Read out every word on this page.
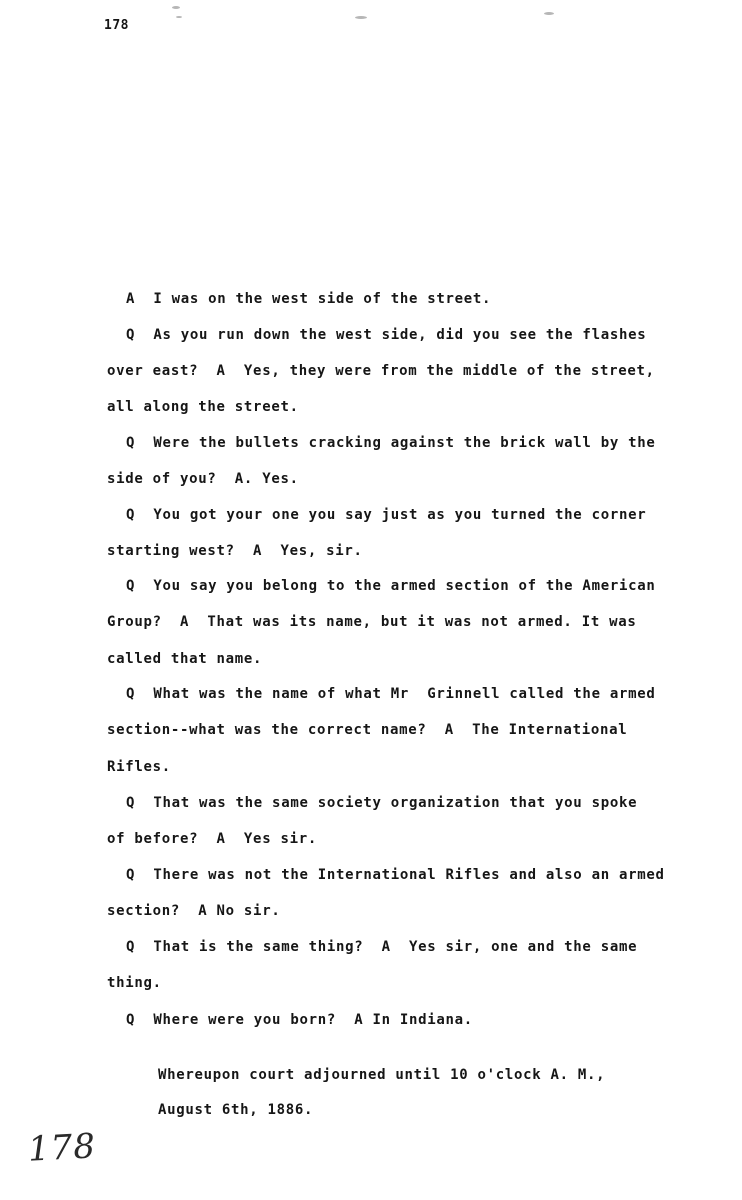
178
A  I was on the west side of the street.
Q  As you run down the west side, did you see the flashes
over east?  A  Yes, they were from the middle of the street,
all along the street.
Q  Were the bullets cracking against the brick wall by the
side of you?  A. Yes.
Q  You got your one you say just as you turned the corner
starting west?  A  Yes, sir.
Q  You say you belong to the armed section of the American
Group?  A  That was its name, but it was not armed. It was
called that name.
Q  What was the name of what Mr  Grinnell called the armed
section--what was the correct name?  A  The International
Rifles.
Q  That was the same society organization that you spoke
of before?  A  Yes sir.
Q  There was not the International Rifles and also an armed
section?  A No sir.
Q  That is the same thing?  A  Yes sir, one and the same
thing.
Q  Where were you born?  A In Indiana.
Whereupon court adjourned until 10 o'clock A. M.,
August 6th, 1886.
178
